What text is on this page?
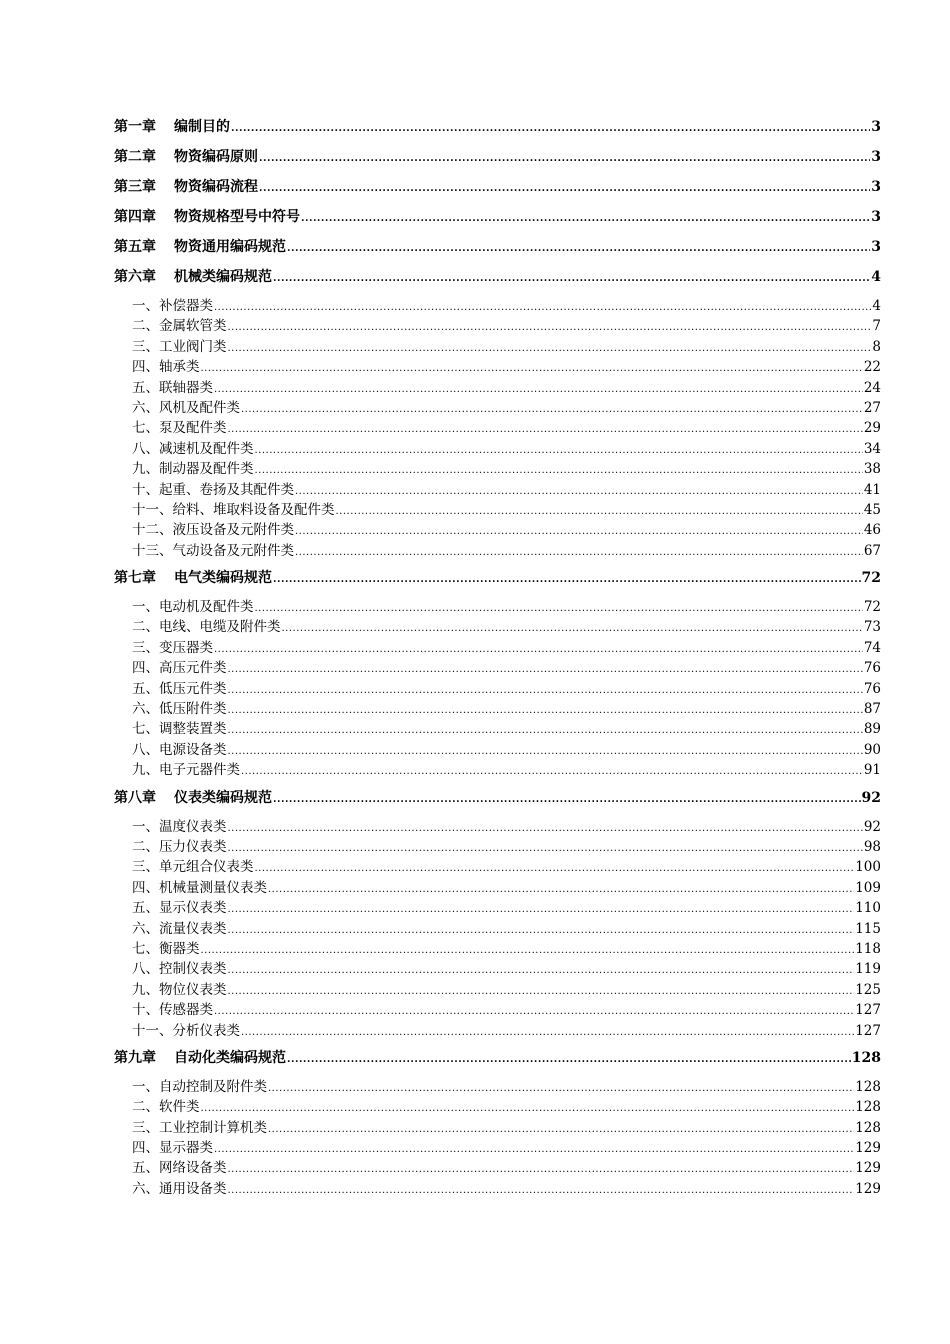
第一章 编制目的 .....	3
第二章 物资编码原则 .....	3
第三章 物资编码流程 .....	3
第四章 物资规格型号中符号 .....	3
第五章 物资通用编码规范 .....	3
第六章 机械类编码规范 .....	4
一、补偿器类 .....	4
二、金属软管类 .....	7
三、工业阀门类 .....	8
四、轴承类 .....	22
五、联轴器类 .....	24
六、风机及配件类 .....	27
七、泵及配件类 .....	29
八、减速机及配件类 .....	34
九、制动器及配件类 .....	38
十、起重、卷扬及其配件类 .....	41
十一、给料、堆取料设备及配件类 .....	45
十二、液压设备及元附件类 .....	46
十三、气动设备及元附件类 .....	67
第七章 电气类编码规范 .....	72
一、电动机及配件类 .....	72
二、电线、电缆及附件类 .....	73
三、变压器类 .....	74
四、高压元件类 .....	76
五、低压元件类 .....	76
六、低压附件类 .....	87
七、调整装置类 .....	89
八、电源设备类 .....	90
九、电子元器件类 .....	91
第八章 仪表类编码规范 .....	92
一、温度仪表类 .....	92
二、压力仪表类 .....	98
三、单元组合仪表类 .....	100
四、机械量测量仪表类 .....	109
五、显示仪表类 .....	110
六、流量仪表类 .....	115
七、衡器类 .....	118
八、控制仪表类 .....	119
九、物位仪表类 .....	125
十、传感器类 .....	127
十一、分析仪表类 .....	127
第九章 自动化类编码规范 .....	128
一、自动控制及附件类 .....	128
二、软件类 .....	128
三、工业控制计算机类 .....	128
四、显示器类 .....	129
五、网络设备类 .....	129
六、通用设备类 .....	129
